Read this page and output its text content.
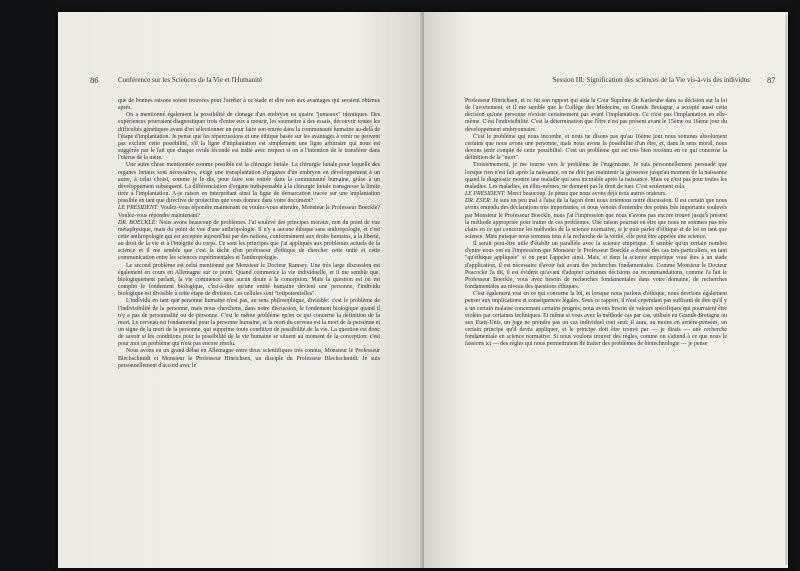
86	Conférence sur les Sciences de la Vie et l'Humanité

que de bonnes raisons soient trouvées pour l'arrêter à ce stade et dire non aux avantages qui seraient obtenus après.

On a mentionné également la possibilité de clonage d'un embryon en quatre "jumeaux" identiques. Des expériences pourraient diagnostiquer trois d'entre eux à mourir, les soumettre à des essais, découvrir toutes les difficultés génétiques avant d'en sélectionner un pour faire son entrée dans la communauté humaine au-delà de l'étape d'implantation. Je pense que les répercussions et une éthique basée sur les avantages à venir ne peuvent pas exclure cette possibilité, s'il la ligne d'implantation est simplement une ligne arbitraire qui nous est suggérée par le fait que chaque ovule fécondé est traité avec respect si on a l'intention de le transférer dans l'utérus de la mère.

Une autre chose mentionnée comme possible est la chirurgie fœtale. La chirurgie fœtale pour laquelle des organes fœtaux sont nécessaires, exige une transplantation d'organes d'un embryon en développement à un autre, à celui choisi, comme je le dis, pour faire son entrée dans la communauté humaine, grâce à un développement subséquent. La différenciation d'organe indispensable à la chirurgie fœtale transgresse la limite tirée à l'implantation. A-je raison en interprétant ainsi la ligne de démarcation tracée sur une implantation possible en tant que directive de protection que vous donnez dans votre document?

LE PRESIDENT: Voulez-vous répondre maintenant ou voulez-vous attendre, Monsieur le Professeur Boeckle? Voulez-vous répondre maintenant?

DR. BOECKLE: Nous avons beaucoup de problèmes. J'ai soulevé des principes moraux, non du point de vue métaphysique, mais du point de vue d'une anthropologie. Il n'y a aucune éthique sans anthropologie, et c'est cette anthropologie qui est acceptée aujourd'hui par des nations, conformément aux droits humains, à la liberté, au droit de la vie et à l'intégrité du corps. Ce sont les principes que j'ai appliqués aux problèmes actuels de la science et il me semble que c'est la tâche d'un professeur d'éthique de chercher cette unité et cette communication entre les sciences expérimentales et l'anthropologie.

Le second problème est celui mentionné par Monsieur le Docteur Ramsey. Une très large discussion est également en cours en Allemagne sur ce point. Quand commence la vie individuelle, et il me semble que, biologiquement parlant, la vie commence sans aucun doute à la conception. Mais la question est où est complet le fondement biologique, c'est-à-dire qu'une entité humaine devient une personne, l'individu biologique est divisible à cette étape de division. Les cellules sont "totipotentielles".

L'individu en tant que personne humaine n'est pas, au sens philosophique, divisible: c'est le problème de l'indivisibilité de la personne, mais nous cherchons, dans notre discussion, le fondement biologique quand il n'y a pas de personnalité ou de personne. C'est le même problème qu'en ce qui concerne la définition de la mort. Le cerveau est fondamental pour la personne humaine, et la mort du cerveau est la mort de la personne et un signe de la mort de la personne, qui supprime toute condition de possibilité de la vie. La question est donc de savoir si les conditions pour la possibilité de la vie humaine se situent au moment de la conception: c'est pour moi un problème qui n'est pas encore résolu.

Nous avons eu un grand débat en Allemagne entre deux scientifiques très connus, Monsieur le Professeur Blechschmidt et Monsieur le Professeur Hinrichsen, un disciple du Professeur Blechschmidt. Je suis personnellement d'accord avec le

87
Session III: Signification des sciences de la Vie vis-à-vis des individus

Professeur Hinrichsen, et ce fut son rapport qui aida la Cour Suprême de Karlsruhe dans sa décision sur la loi de l'avortement, et il me semble que le Collège des Médecins, en Grande Bretagne, a accepté aussi cette décision qu'une personne n'existe certainement pas avant l'implantation. Ce n'est pas l'implantation en elle-même. C'est l'indivisibilité. C'est la détermination que l'être n'est pas présent avant le 15ème ou 16ème jour du développement embryonnaire.

C'est le problème qui nous incombe, et nous ne disons pas qu'au 16ème jour nous sommes absolument certains que nous avons une personne, mais nous avons la possibilité d'un être, et, dans le sens moral, nous devons tenir compte de cette possibilité. C'est un problème qui est très bien reconnu en ce qui concerne la définition de la "mort".

Troisièmement, je me tourne vers le problème de l'eugénisme. Je suis personnellement persuadé que lorsque rien n'est fait après la naissance, on ne doit pas maintenir la grossesse jusqu'au moment de la naissance quand le diagnostic montre une maladie qui sera incurable après la naissance. Mais ce n'est pas pour toutes les maladies. Les maladies, en elles-mêmes, ne donnent pas le droit de tuer. C'est seulement cela.

LE PRESIDENT: Merci beaucoup. Je pense que nous avons déjà trois autres orateurs.

DR. ESER: Je suis un peu mal à l'aise de la façon dont nous orientons notre discussion. Il est certain que nous avons entendu des déclarations très importantes, et nous venons d'entendre des points très importants soulevés par Monsieur le Professeur Boeckle, mais j'ai l'impression que nous n'avons pas encore trouvé jusqu'à présent la méthode appropriée pour traiter de ces problèmes. Une raison pourrait en être que nous ne sommes pas très clairs en ce qui concerne les méthodes de la science normative, si je puis parler d'éthique et de loi en tant que science. Mais puisque nous sommes tous à la recherche de la vérité, elle peut être appelée une science.

Il serait peut-être utile d'établir un parallèle avec la science empirique. Il semble qu'un certain nombre d'entre nous ont eu l'impression que Monsieur le Professeur Boeckle a donné des cas très particuliers, en tant "qu'éthique appliquée" si on peut l'appeler ainsi. Mais, si dans la science empirique vous êtes à un stade d'application, il est nécessaire d'avoir fait avant des recherches fondamentales. Comme Monsieur le Docteur Peacocke l'a dit, il est évident qu'avant d'adopter certaines décisions ou recommandations, comme l'a fait le Professeur Boeckle, vous avez besoin de recherches fondamentales dans votre domaine, de recherches fondamentales au niveau des questions éthiques.

C'est également vrai en ce qui concerne la loi, et lorsque nous parlons d'éthique, nous devrions également penser aux implications et conséquences légales. Sous ce rapport, il n'est cependant pas suffisant de dire qu'il y a un certain malaise concernant certains progrès; nous avons besoin de valeurs spécifiques qui pourraient être violées par certaines techniques. Et même si vous avez la méthode cas par cas, utilisée en Grande-Bretagne ou aux Etats-Unis, un juge ne prendra pas un cas individuel tout seul: il aura, au moins en arrière-pensées, un certain principe qu'il devra appliquer, et le principe doit être trouvé par — je dirais — une recherche fondamentale en science normative. Si nous voulons trouver des règles, comme on s'attend à ce que nous le fassions ici — des règles qui nous permettraient de traiter des problèmes de biotechnologie — je pense
